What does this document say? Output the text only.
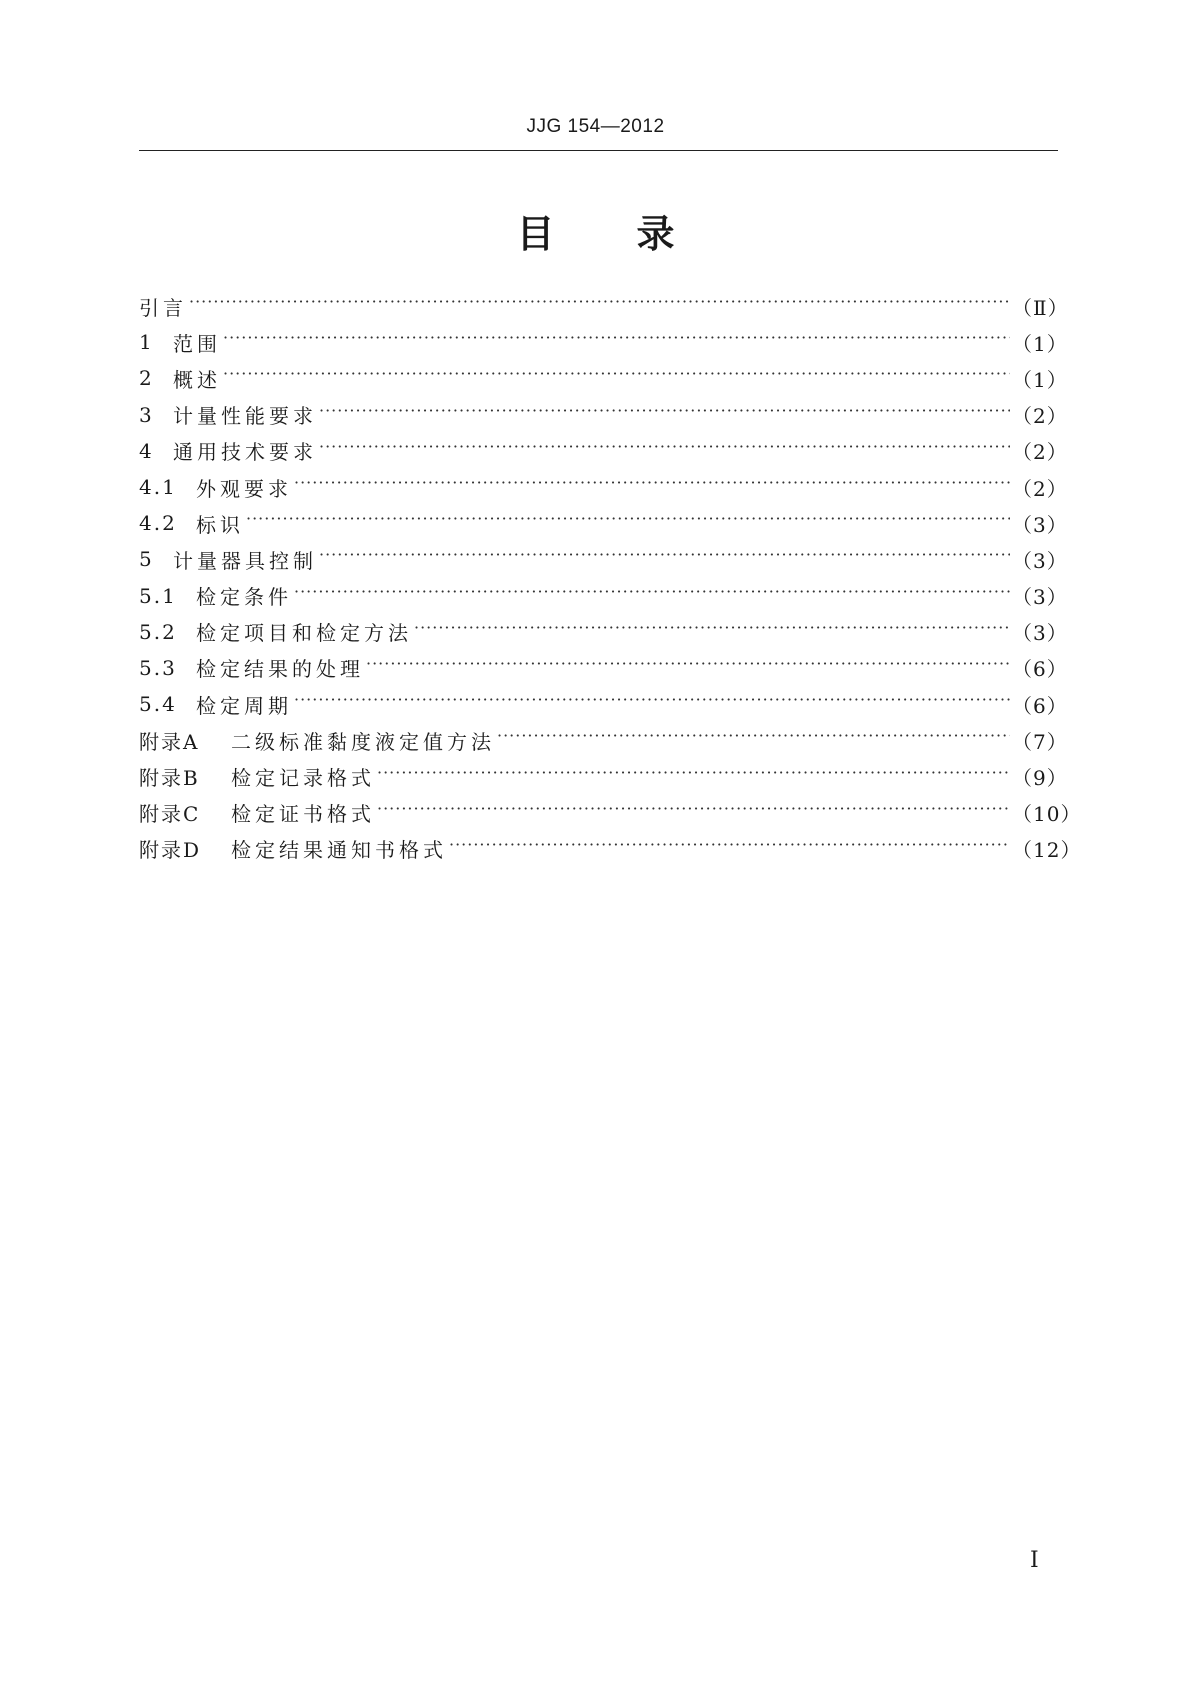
JJG 154—2012
目 录
引言 ·····	（Ⅱ）
1 范围 ·····	（1）
2 概述 ·····	（1）
3 计量性能要求 ·····	（2）
4 通用技术要求 ·····	（2）
4.1 外观要求 ·····	（2）
4.2 标识 ·····	（3）
5 计量器具控制 ·····	（3）
5.1 检定条件 ·····	（3）
5.2 检定项目和检定方法 ·····	（3）
5.3 检定结果的处理 ·····	（6）
5.4 检定周期 ·····	（6）
附录A	二级标准黏度液定值方法 ·····	（7）
附录B	检定记录格式 ·····	（9）
附录C	检定证书格式 ·····	（10）
附录D	检定结果通知书格式 ·····	（12）
Ⅰ
